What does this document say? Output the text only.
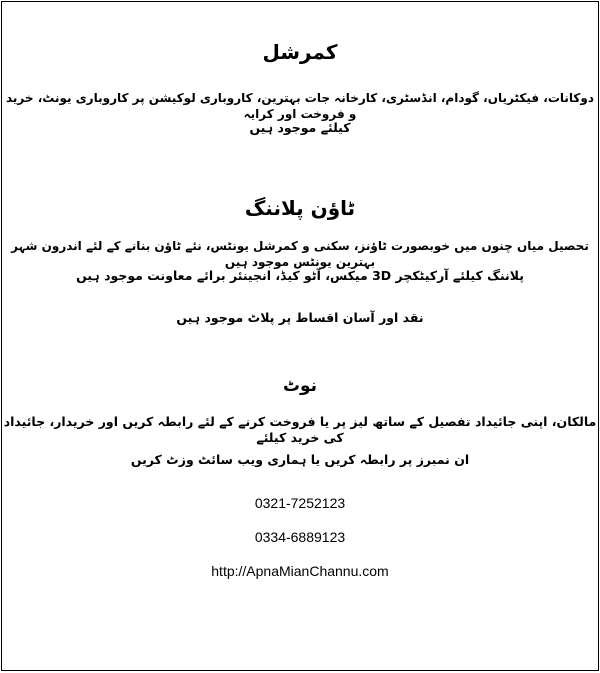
کمرشل
دوکانات، فیکٹریاں، گودام، انڈسٹری، کارخانہ جات بہترین، کاروباری لوکیشن پر کاروباری یونٹ، خرید و فروخت اور کرایہ
کیلئے موجود ہیں
ٹاؤن پلاننگ
تحصیل میاں چنوں میں خوبصورت ٹاؤنز، سکنی و کمرشل یونٹس، نئے ٹاؤن بنانے کے لئے اندرون شہر بہترین یونٹس موجود ہیں
پلاننگ کیلئے آرکیٹکچر 3D میکس، آٹو کیڈ، انجینئر برائے معاونت موجود ہیں
نقد اور آسان اقساط پر پلاٹ موجود ہیں
نوٹ
مالکان، اپنی جائیداد تفصیل کے ساتھ لیز پر یا فروخت کرنے کے لئے رابطہ کریں اور خریدار، جائیداد کی خرید کیلئے
ان نمبرز پر رابطہ کریں یا ہماری ویب سائٹ وزٹ کریں
0321-7252123
0334-6889123
http://ApnaMianChannu.com
